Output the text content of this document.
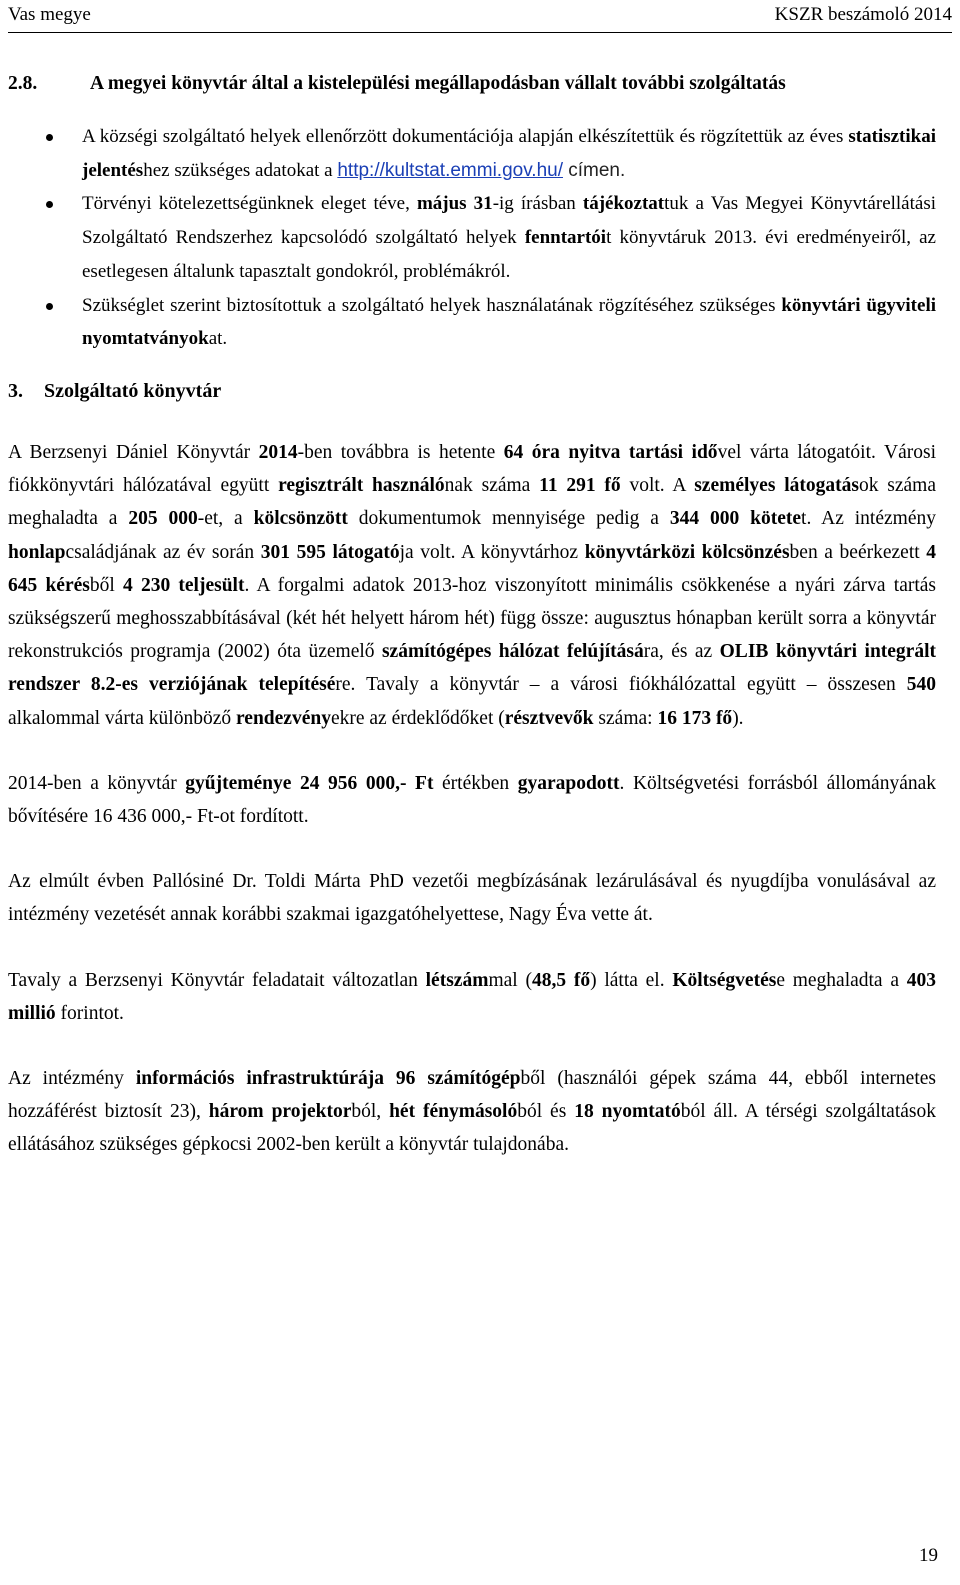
Vas megye	KSZR beszámoló 2014
2.8.	A megyei könyvtár által a kistelepülési megállapodásban vállalt további szolgáltatás
A községi szolgáltató helyek ellenőrzött dokumentációja alapján elkészítettük és rögzítettük az éves statisztikai jelentéshez szükséges adatokat a http://kultstat.emmi.gov.hu/ címen.
Törvényi kötelezettségünknek eleget téve, május 31-ig írásban tájékoztattuk a Vas Megyei Könyvtárellátási Szolgáltató Rendszerhez kapcsolódó szolgáltató helyek fenntartóit könyvtáruk 2013. évi eredményeiről, az esetlegesen általunk tapasztalt gondokról, problémákról.
Szükséglet szerint biztosítottuk a szolgáltató helyek használatának rögzítéséhez szükséges könyvtári ügyviteli nyomtatványokat.
3. Szolgáltató könyvtár

A Berzsenyi Dániel Könyvtár 2014-ben továbbra is hetente 64 óra nyitva tartási idővel várta látogatóit. Városi fiókkönyvtári hálózatával együtt regisztrált használónak száma 11 291 fő volt. A személyes látogatások száma meghaladta a 205 000-et, a kölcsönzött dokumentumok mennyisége pedig a 344 000 kötetet. Az intézmény honlapcsaládjának az év során 301 595 látogatója volt. A könyvtárhoz könyvtárközi kölcsönzésben a beérkezett 4 645 kérésből 4 230 teljesült. A forgalmi adatok 2013-hoz viszonyított minimális csökkenése a nyári zárva tartás szükségszerű meghosszabbításával (két hét helyett három hét) függ össze: augusztus hónapban került sorra a könyvtár rekonstrukciós programja (2002) óta üzemelő számítógépes hálózat felújítására, és az OLIB könyvtári integrált rendszer 8.2-es verziójának telepítésére. Tavaly a könyvtár – a városi fiókhálózattal együtt – összesen 540 alkalommal várta különböző rendezvényekre az érdeklődőket (résztvevők száma: 16 173 fő).

2014-ben a könyvtár gyűjteménye 24 956 000,- Ft értékben gyarapodott. Költségvetési forrásból állományának bővítésére 16 436 000,- Ft-ot fordított.

Az elmúlt évben Pallósiné Dr. Toldi Márta PhD vezetői megbízásának lezárulásával és nyugdíjba vonulásával az intézmény vezetését annak korábbi szakmai igazgatóhelyettese, Nagy Éva vette át.

Tavaly a Berzsenyi Könyvtár feladatait változatlan létszámmal (48,5 fő) látta el. Költségvetése meghaladta a 403 millió forintot.

Az intézmény információs infrastruktúrája 96 számítógépből (használói gépek száma 44, ebből internetes hozzáférést biztosít 23), három projektorból, hét fénymásolóból és 18 nyomtatóból áll. A térségi szolgáltatások ellátásához szükséges gépkocsi 2002-ben került a könyvtár tulajdonába.

19
